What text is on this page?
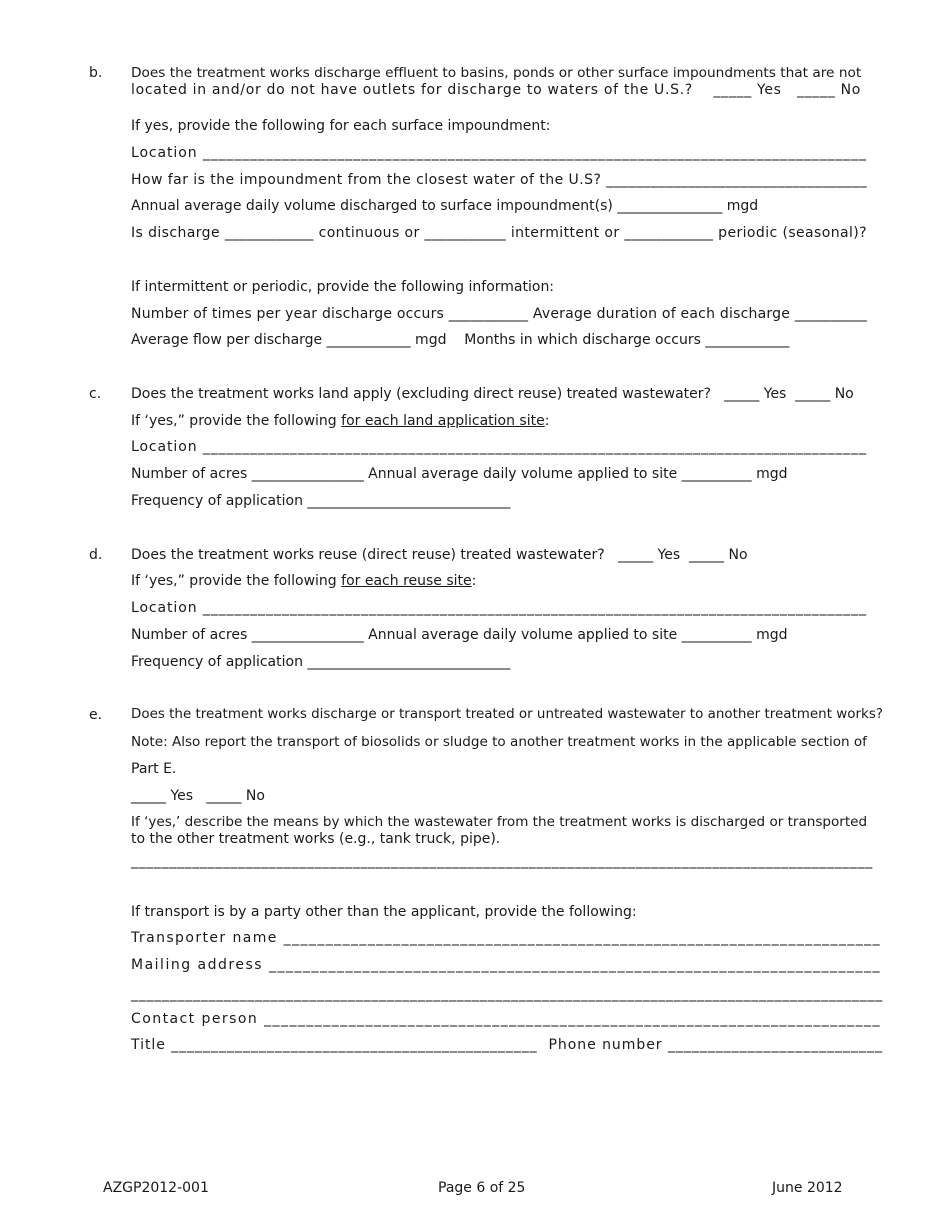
b. Does the treatment works discharge effluent to basins, ponds or other surface impoundments that are not
located in and/or do not have outlets for discharge to waters of the U.S.?    _____ Yes   _____ No
If yes, provide the following for each surface impoundment:
Location ____________________________________________________________________________________
How far is the impoundment from the closest water of the U.S? ___________________________________
Annual average daily volume discharged to surface impoundment(s) _______________ mgd
Is discharge ____________ continuous or ___________ intermittent or ____________ periodic (seasonal)?
If intermittent or periodic, provide the following information:
Number of times per year discharge occurs ___________ Average duration of each discharge __________
Average flow per discharge ____________ mgd    Months in which discharge occurs ____________
c. Does the treatment works land apply (excluding direct reuse) treated wastewater?   _____ Yes  _____ No
If ‘yes,” provide the following for each land application site:
Location ____________________________________________________________________________________
Number of acres ________________ Annual average daily volume applied to site __________ mgd
Frequency of application _____________________________
d. Does the treatment works reuse (direct reuse) treated wastewater?   _____ Yes  _____ No
If ‘yes,” provide the following for each reuse site:
Location ____________________________________________________________________________________
Number of acres ________________ Annual average daily volume applied to site __________ mgd
Frequency of application _____________________________
e. Does the treatment works discharge or transport treated or untreated wastewater to another treatment works?
Note: Also report the transport of biosolids or sludge to another treatment works in the applicable section of
Part E.
_____ Yes   _____ No
If ‘yes,’ describe the means by which the wastewater from the treatment works is discharged or transported
to the other treatment works (e.g., tank truck, pipe).
_________________________________________________________________________________________________
If transport is by a party other than the applicant, provide the following:
Transporter name _______________________________________________________________________
Mailing address ________________________________________________________________________
_________________________________________________________________________________________________
Contact person _________________________________________________________________________
Title ______________________________________________  Phone number ___________________________
AZGP2012-001	Page 6 of 25	June 2012
